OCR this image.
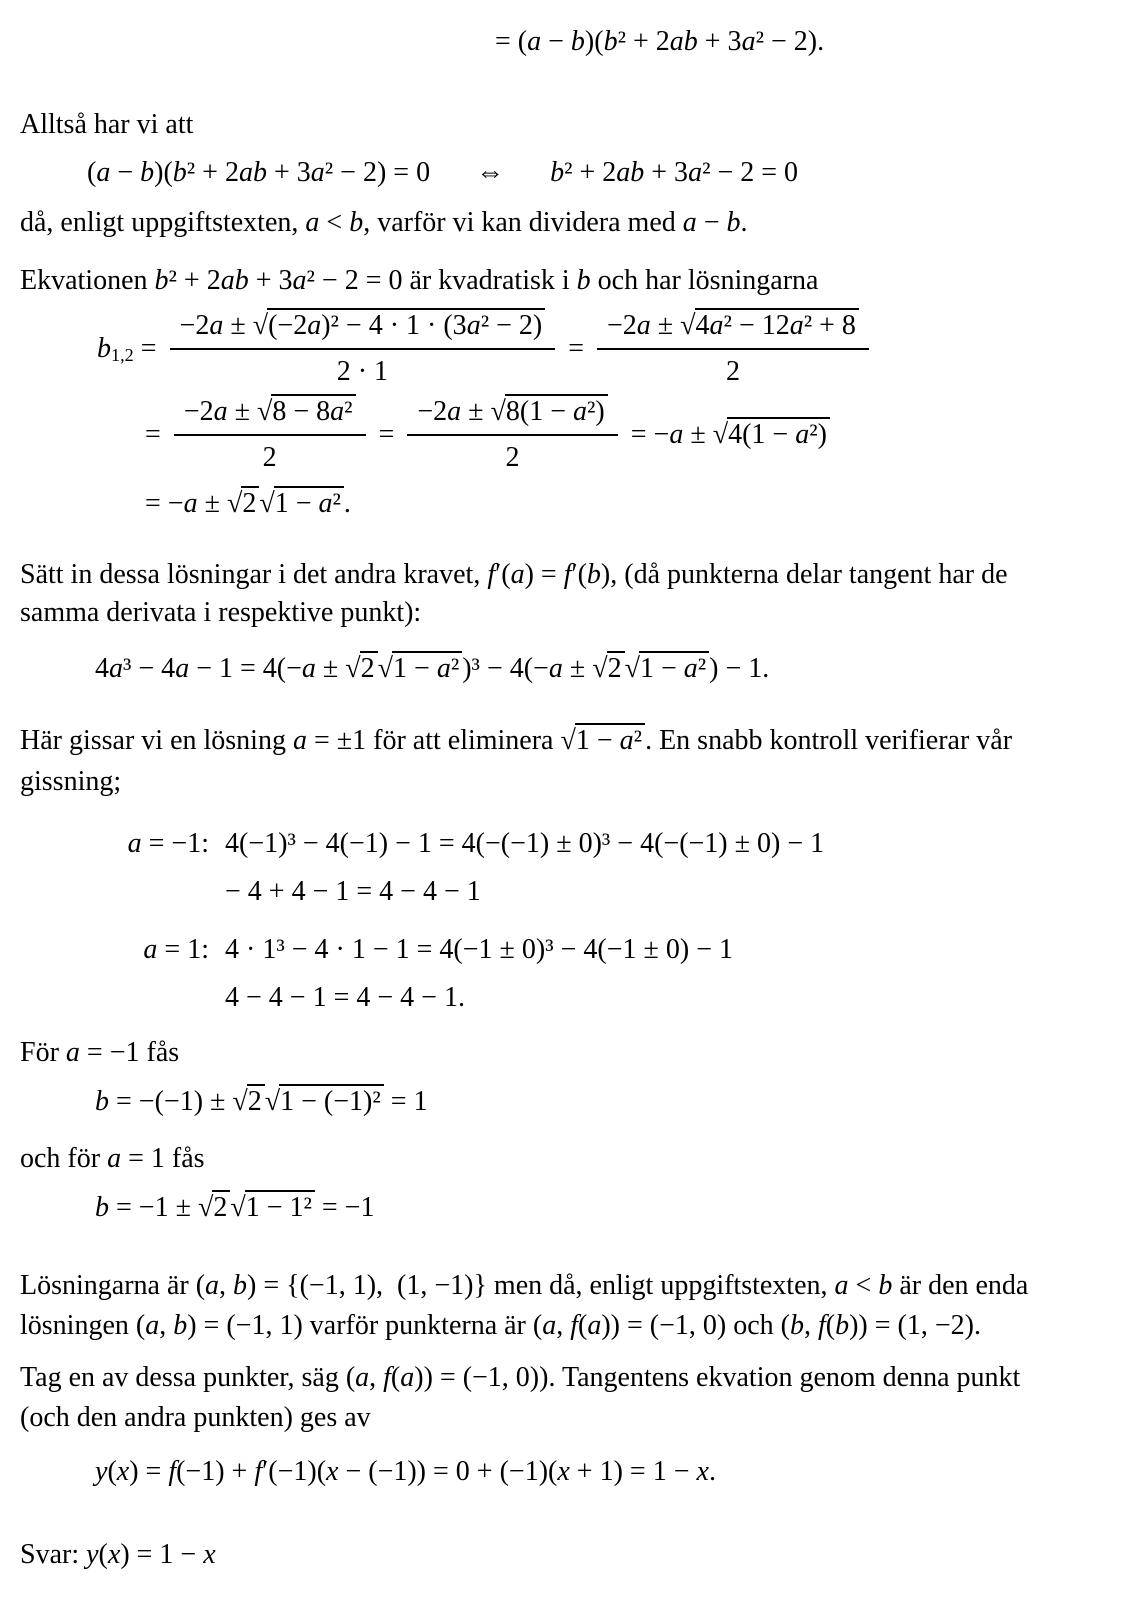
= (a − b)(b² + 2ab + 3a² − 2).
Alltså har vi att
(a − b)(b² + 2ab + 3a² − 2) = 0 ⇔ b² + 2ab + 3a² − 2 = 0
då, enligt uppgiftstexten, a < b, varför vi kan dividera med a − b.
Ekvationen b² + 2ab + 3a² − 2 = 0 är kvadratisk i b och har lösningarna
$b_{1,2} = \frac{\text{−2a ± √(−2a)² − 4 · 1 · (3a² − 2)}}{2 \cdot 1} = \frac{\text{−2a ± √4a² − 12a² + 8}}{2}$
= $\frac{\text{−2a ± √8 − 8a²}}{2} = \frac{\text{−2a ± √8(1 − a²)}}{2} = -a \pm √4(1 - a^2)$
= −a ± √2 √1 − a² .
Sätt in dessa lösningar i det andra kravet, f′(a) = f′(b), (då punkterna delar tangent har de
samma derivata i respektive punkt):
4a³ − 4a − 1 = 4(−a ± √2 √1 − a² )³ − 4(−a ± √2 √1 − a² ) − 1.
Här gissar vi en lösning a = ±1 för att eliminera √1 − a² . En snabb kontroll verifierar vår
gissning;
a = −1: 4(−1)³ − 4(−1) − 1 = 4(−(−1) ± 0)³ − 4(−(−1) ± 0) − 1
− 4 + 4 − 1 = 4 − 4 − 1
a = 1: 4 · 1³ − 4 · 1 − 1 = 4(−1 ± 0)³ − 4(−1 ± 0) − 1
4 − 4 − 1 = 4 − 4 − 1.
För a = −1 fås
b = −(−1) ± √2 √1 − (−1)² = 1
och för a = 1 fås
b = −1 ± √2 √1 − 1² = −1
Lösningarna är (a, b) = {(−1, 1), (1, −1)} men då, enligt uppgiftstexten, a < b är den enda
lösningen (a, b) = (−1, 1) varför punkterna är (a, f(a)) = (−1, 0) och (b, f(b)) = (1, −2).
Tag en av dessa punkter, säg (a, f(a)) = (−1, 0)). Tangentens ekvation genom denna punkt
(och den andra punkten) ges av
y(x) = f(−1) + f′(−1)(x − (−1)) = 0 + (−1)(x + 1) = 1 − x.
Svar: y(x) = 1 − x
